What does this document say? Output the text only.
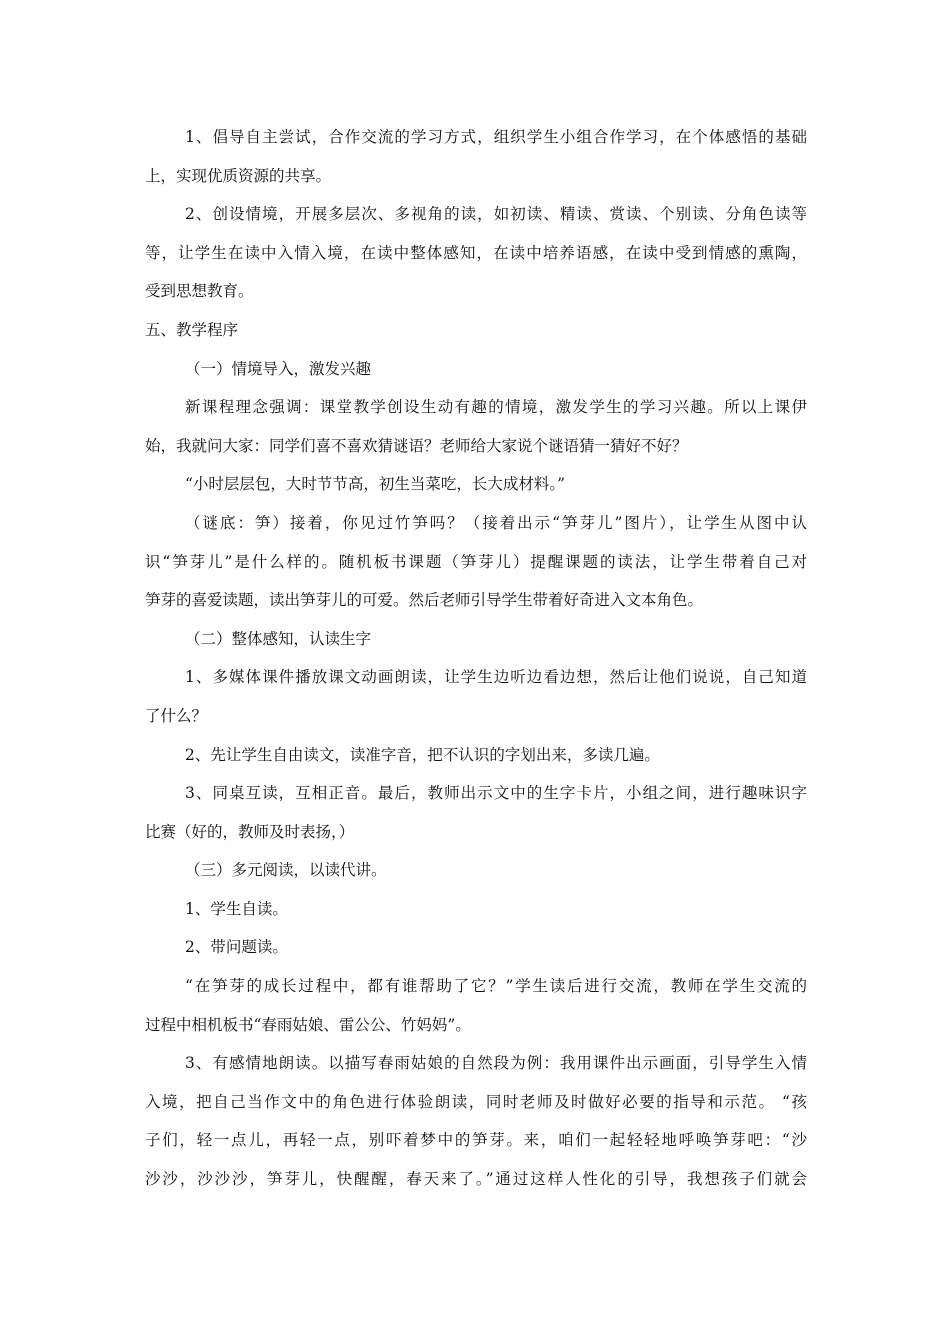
1、倡导自主尝试，合作交流的学习方式，组织学生小组合作学习，在个体感悟的基础
上，实现优质资源的共享。
2、创设情境，开展多层次、多视角的读，如初读、精读、赏读、个别读、分角色读等
等，让学生在读中入情入境，在读中整体感知，在读中培养语感，在读中受到情感的熏陶，
受到思想教育。
五、教学程序
（一）情境导入，激发兴趣
新课程理念强调：课堂教学创设生动有趣的情境，激发学生的学习兴趣。所以上课伊
始，我就问大家：同学们喜不喜欢猜谜语？老师给大家说个谜语猜一猜好不好？
“小时层层包，大时节节高，初生当菜吃，长大成材料。”
（谜底：笋）接着，你见过竹笋吗？（接着出示“笋芽儿”图片），让学生从图中认
识“笋芽儿”是什么样的。随机板书课题（笋芽儿）提醒课题的读法，让学生带着自己对
笋芽的喜爱读题，读出笋芽儿的可爱。然后老师引导学生带着好奇进入文本角色。
（二）整体感知，认读生字
1、多媒体课件播放课文动画朗读，让学生边听边看边想，然后让他们说说，自己知道
了什么？
2、先让学生自由读文，读准字音，把不认识的字划出来，多读几遍。
3、同桌互读，互相正音。最后，教师出示文中的生字卡片，小组之间，进行趣味识字
比赛（好的，教师及时表扬，）
（三）多元阅读，以读代讲。
1、学生自读。
2、带问题读。
“在笋芽的成长过程中，都有谁帮助了它？”学生读后进行交流，教师在学生交流的
过程中相机板书“春雨姑娘、雷公公、竹妈妈”。
3、有感情地朗读。以描写春雨姑娘的自然段为例：我用课件出示画面，引导学生入情
入境，把自己当作文中的角色进行体验朗读，同时老师及时做好必要的指导和示范。 “孩
子们，轻一点儿，再轻一点，别吓着梦中的笋芽。来，咱们一起轻轻地呼唤笋芽吧：“沙
沙沙，沙沙沙，笋芽儿，快醒醒，春天来了。”通过这样人性化的引导，我想孩子们就会
